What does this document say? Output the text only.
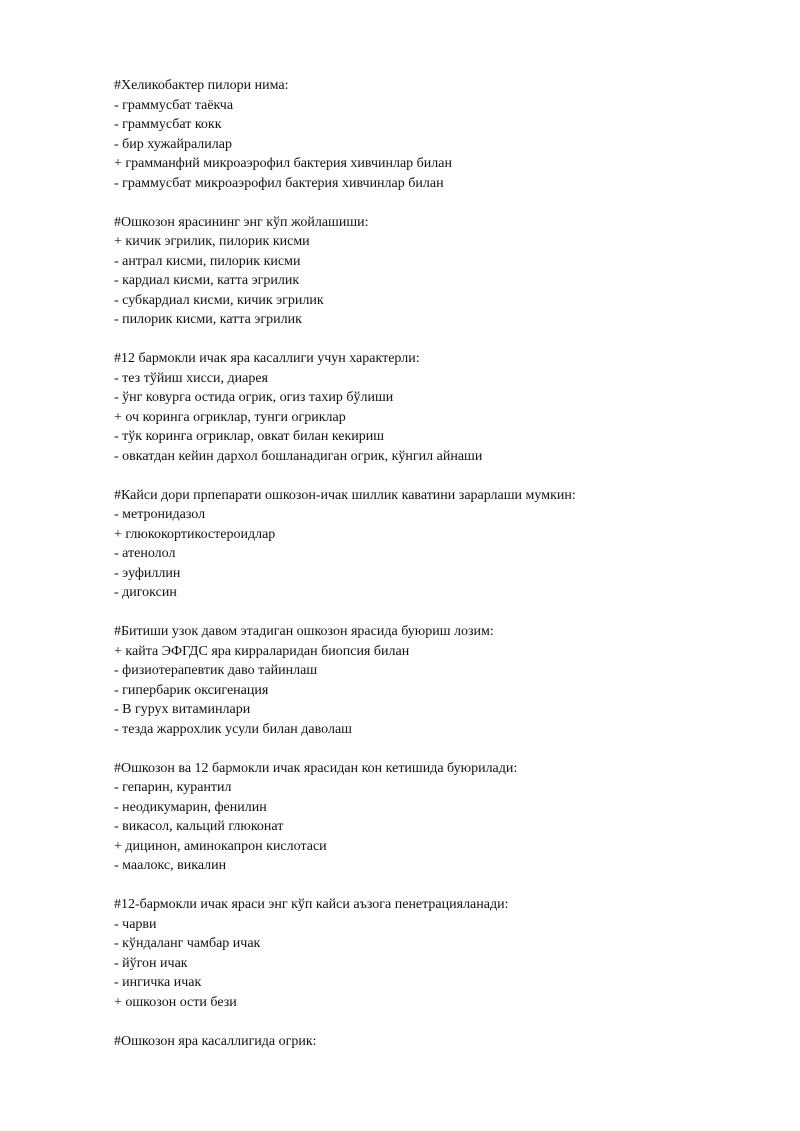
#Хеликобактер пилори нима:
- граммусбат таёкча
- граммусбат кокк
- бир хужайралилар
+ грамманфий микроаэрофил бактерия хивчинлар билан
- граммусбат микроаэрофил бактерия хивчинлар билан
#Ошкозон ярасининг энг кўп жойлашиши:
+ кичик эгрилик, пилорик кисми
- антрал кисми, пилорик кисми
- кардиал кисми, катта эгрилик
- субкардиал кисми, кичик эгрилик
- пилорик кисми, катта эгрилик
#12 бармокли ичак яра касаллиги учун характерли:
- тез тўйиш хисси, диарея
- ўнг ковурга остида огрик, огиз тахир бўлиши
+ оч коринга огриклар, тунги огриклар
- тўк коринга огриклар, овкат билан кекириш
- овкатдан кейин дархол бошланадиган огрик, кўнгил айнаши
#Кайси дори прпепарати ошкозон-ичак шиллик каватини зарарлаши мумкин:
- метронидазол
+ глюкокортикостероидлар
- атенолол
- эуфиллин
- дигоксин
#Битиши узок давом этадиган ошкозон ярасида буюриш лозим:
+ кайта ЭФГДС яра кирраларидан биопсия билан
- физиотерапевтик даво тайинлаш
- гипербарик оксигенация
- В гурух витаминлари
- тезда жаррохлик усули билан даволаш
#Ошкозон ва 12 бармокли ичак ярасидан кон кетишида буюрилади:
- гепарин, курантил
- неодикумарин, фенилин
- викасол, кальций глюконат
+ дицинон, аминокапрон кислотаси
- маалокс, викалин
#12-бармокли ичак яраси энг кўп кайси аъзога пенетрацияланади:
- чарви
- кўндаланг чамбар ичак
- йўгон ичак
- ингичка ичак
+ ошкозон ости бези
#Ошкозон яра касаллигида огрик:
